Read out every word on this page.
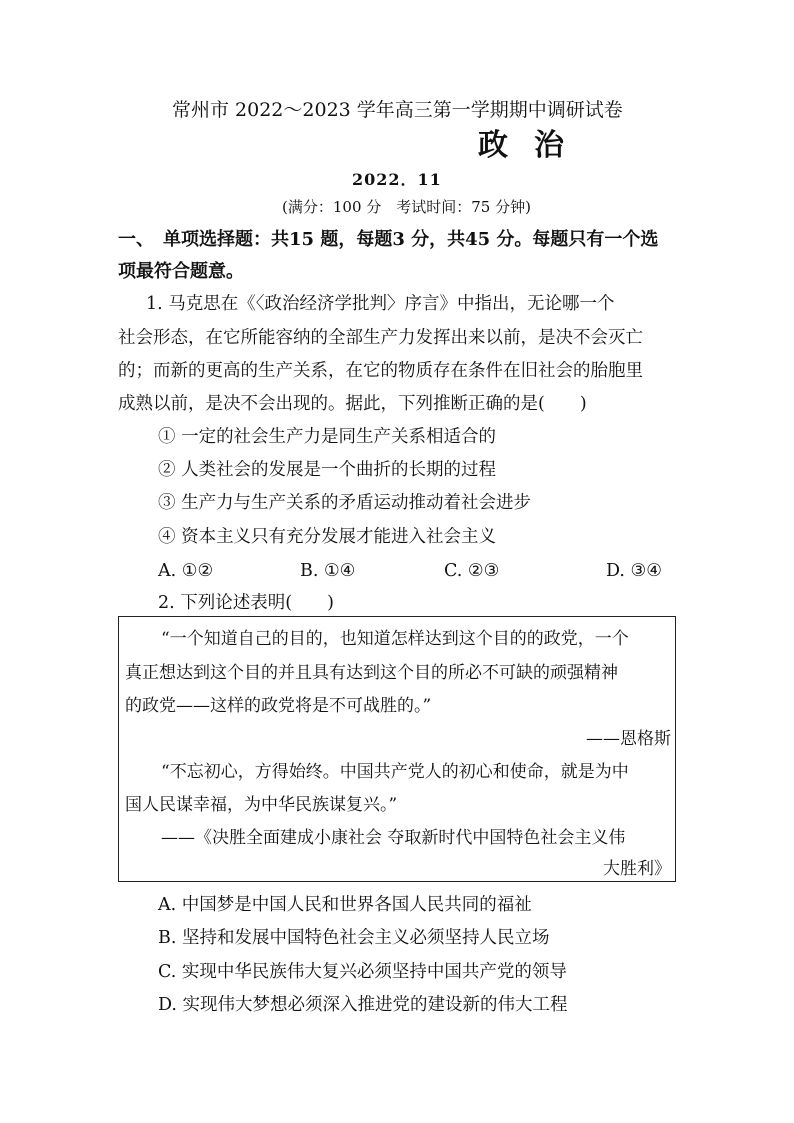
常州市 2022～2023 学年高三第一学期期中调研试卷
政治
2022．11
(满分：100 分　考试时间：75 分钟)
一、　单项选择题：共15 题，每题3 分，共45 分。每题只有一个选
项最符合题意。
1. 马克思在《〈政治经济学批判〉序言》中指出，无论哪一个
社会形态，在它所能容纳的全部生产力发挥出来以前，是决不会灭亡
的；而新的更高的生产关系，在它的物质存在条件在旧社会的胎胞里
成熟以前，是决不会出现的。据此，下列推断正确的是(　　)
① 一定的社会生产力是同生产关系相适合的
② 人类社会的发展是一个曲折的长期的过程
③ 生产力与生产关系的矛盾运动推动着社会进步
④ 资本主义只有充分发展才能进入社会主义
A. ①②	B. ①④	C. ②③	D. ③④
2. 下列论述表明(　　)
“一个知道自己的目的，也知道怎样达到这个目的的政党，一个
真正想达到这个目的并且具有达到这个目的所必不可缺的顽强精神
的政党——这样的政党将是不可战胜的。”
——恩格斯
“不忘初心，方得始终。中国共产党人的初心和使命，就是为中
国人民谋幸福，为中华民族谋复兴。”
——《决胜全面建成小康社会 夺取新时代中国特色社会主义伟
大胜利》
A. 中国梦是中国人民和世界各国人民共同的福祉
B. 坚持和发展中国特色社会主义必须坚持人民立场
C. 实现中华民族伟大复兴必须坚持中国共产党的领导
D. 实现伟大梦想必须深入推进党的建设新的伟大工程
